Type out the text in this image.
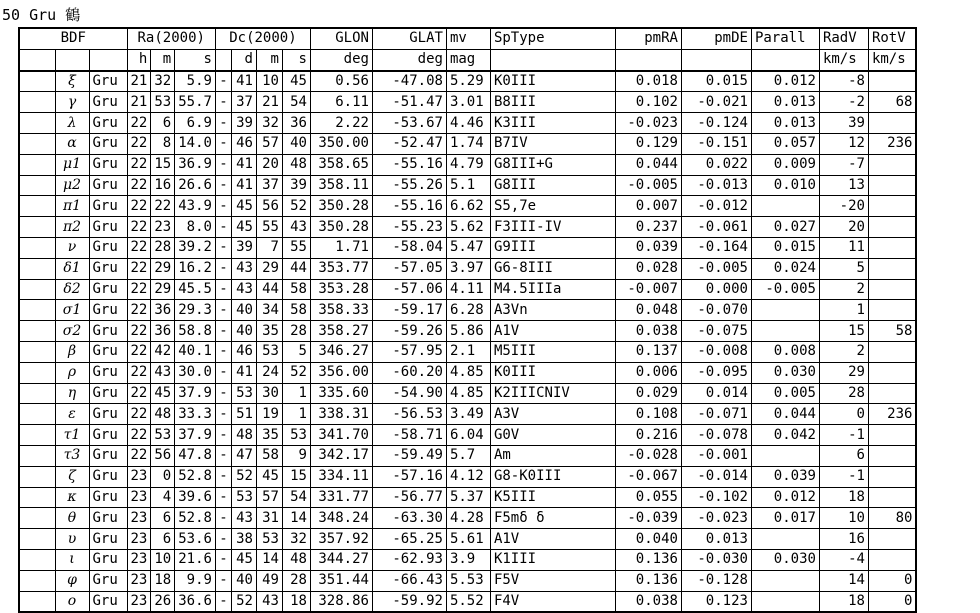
50 Gru 鶴
BDF			Ra(2000)			Dc(2000)				GLON	GLAT	mv	SpType	pmRA	pmDE	Parall	RadV	RotV
			h	m	s		d	m	s	deg	deg	mag					km/s	km/s
	ξ	Gru	21	32	5.9	-	41	10	45	0.56	-47.08	5.29	K0III	0.018	0.015	0.012	-8	
	γ	Gru	21	53	55.7	-	37	21	54	6.11	-51.47	3.01	B8III	0.102	-0.021	0.013	-2	68
	λ	Gru	22	6	6.9	-	39	32	36	2.22	-53.67	4.46	K3III	-0.023	-0.124	0.013	39	
	α	Gru	22	8	14.0	-	46	57	40	350.00	-52.47	1.74	B7IV	0.129	-0.151	0.057	12	236
	μ1	Gru	22	15	36.9	-	41	20	48	358.65	-55.16	4.79	G8III+G	0.044	0.022	0.009	-7	
	μ2	Gru	22	16	26.6	-	41	37	39	358.11	-55.26	5.1	G8III	-0.005	-0.013	0.010	13	
	π1	Gru	22	22	43.9	-	45	56	52	350.28	-55.16	6.62	S5,7e	0.007	-0.012		-20	
	π2	Gru	22	23	8.0	-	45	55	43	350.28	-55.23	5.62	F3III-IV	0.237	-0.061	0.027	20	
	ν	Gru	22	28	39.2	-	39	7	55	1.71	-58.04	5.47	G9III	0.039	-0.164	0.015	11	
	δ1	Gru	22	29	16.2	-	43	29	44	353.77	-57.05	3.97	G6-8III	0.028	-0.005	0.024	5	
	δ2	Gru	22	29	45.5	-	43	44	58	353.28	-57.06	4.11	M4.5IIIa	-0.007	0.000	-0.005	2	
	σ1	Gru	22	36	29.3	-	40	34	58	358.33	-59.17	6.28	A3Vn	0.048	-0.070		1	
	σ2	Gru	22	36	58.8	-	40	35	28	358.27	-59.26	5.86	A1V	0.038	-0.075		15	58
	β	Gru	22	42	40.1	-	46	53	5	346.27	-57.95	2.1	M5III	0.137	-0.008	0.008	2	
	ρ	Gru	22	43	30.0	-	41	24	52	356.00	-60.20	4.85	K0III	0.006	-0.095	0.030	29	
	η	Gru	22	45	37.9	-	53	30	1	335.60	-54.90	4.85	K2IIICNIV	0.029	0.014	0.005	28	
	ε	Gru	22	48	33.3	-	51	19	1	338.31	-56.53	3.49	A3V	0.108	-0.071	0.044	0	236
	τ1	Gru	22	53	37.9	-	48	35	53	341.70	-58.71	6.04	G0V	0.216	-0.078	0.042	-1	
	τ3	Gru	22	56	47.8	-	47	58	9	342.17	-59.49	5.7	Am	-0.028	-0.001		6	
	ζ	Gru	23	0	52.8	-	52	45	15	334.11	-57.16	4.12	G8-K0III	-0.067	-0.014	0.039	-1	
	κ	Gru	23	4	39.6	-	53	57	54	331.77	-56.77	5.37	K5III	0.055	-0.102	0.012	18	
	θ	Gru	23	6	52.8	-	43	31	14	348.24	-63.30	4.28	F5mδ δ	-0.039	-0.023	0.017	10	80
	υ	Gru	23	6	53.6	-	38	53	32	357.92	-65.25	5.61	A1V	0.040	0.013		16	
	ι	Gru	23	10	21.6	-	45	14	48	344.27	-62.93	3.9	K1III	0.136	-0.030	0.030	-4	
	φ	Gru	23	18	9.9	-	40	49	28	351.44	-66.43	5.53	F5V	0.136	-0.128		14	0
	ο	Gru	23	26	36.6	-	52	43	18	328.86	-59.92	5.52	F4V	0.038	0.123		18	0
